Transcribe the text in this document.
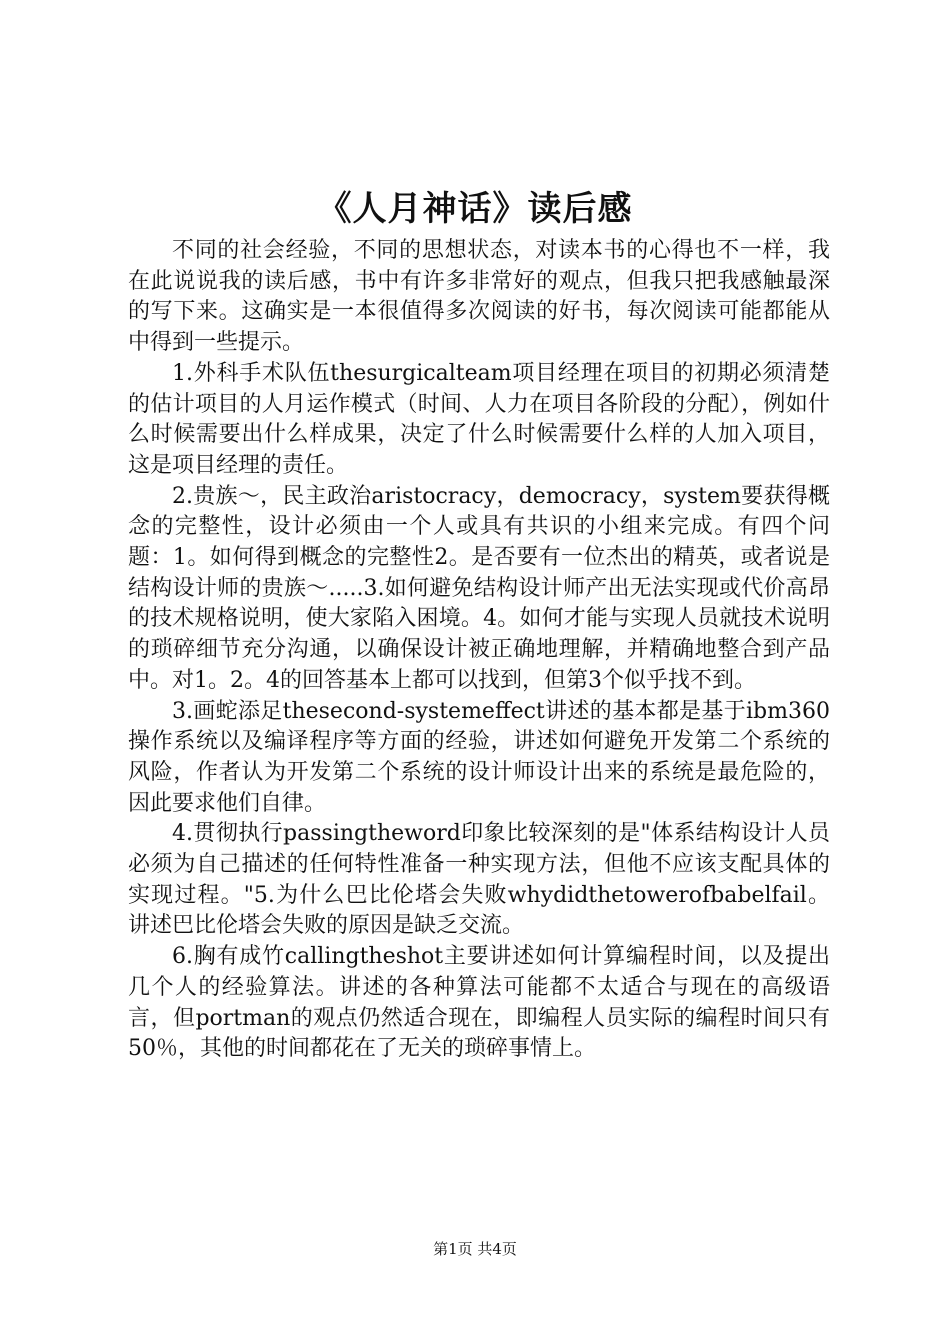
《人月神话》读后感

不同的社会经验，不同的思想状态，对读本书的心得也不一样，我在此说说我的读后感，书中有许多非常好的观点，但我只把我感触最深的写下来。这确实是一本很值得多次阅读的好书，每次阅读可能都能从中得到一些提示。

1.外科手术队伍thesurgicalteam项目经理在项目的初期必须清楚的估计项目的人月运作模式（时间、人力在项目各阶段的分配），例如什么时候需要出什么样成果，决定了什么时候需要什么样的人加入项目，这是项目经理的责任。

2.贵族～，民主政治aristocracy，democracy，system要获得概念的完整性，设计必须由一个人或具有共识的小组来完成。有四个问题：1。如何得到概念的完整性2。是否要有一位杰出的精英，或者说是结构设计师的贵族～.....3.如何避免结构设计师产出无法实现或代价高昂的技术规格说明，使大家陷入困境。4。如何才能与实现人员就技术说明的琐碎细节充分沟通，以确保设计被正确地理解，并精确地整合到产品中。对1。2。4的回答基本上都可以找到，但第3个似乎找不到。

3.画蛇添足thesecond-systemeffect讲述的基本都是基于ibm360操作系统以及编译程序等方面的经验，讲述如何避免开发第二个系统的风险，作者认为开发第二个系统的设计师设计出来的系统是最危险的，因此要求他们自律。

4.贯彻执行passingtheword印象比较深刻的是"体系结构设计人员必须为自己描述的任何特性准备一种实现方法，但他不应该支配具体的实现过程。"5.为什么巴比伦塔会失败whydidthetowerofbabelfail。讲述巴比伦塔会失败的原因是缺乏交流。

6.胸有成竹callingtheshot主要讲述如何计算编程时间，以及提出几个人的经验算法。讲述的各种算法可能都不太适合与现在的高级语言，但portman的观点仍然适合现在，即编程人员实际的编程时间只有50％，其他的时间都花在了无关的琐碎事情上。

第1页 共4页
